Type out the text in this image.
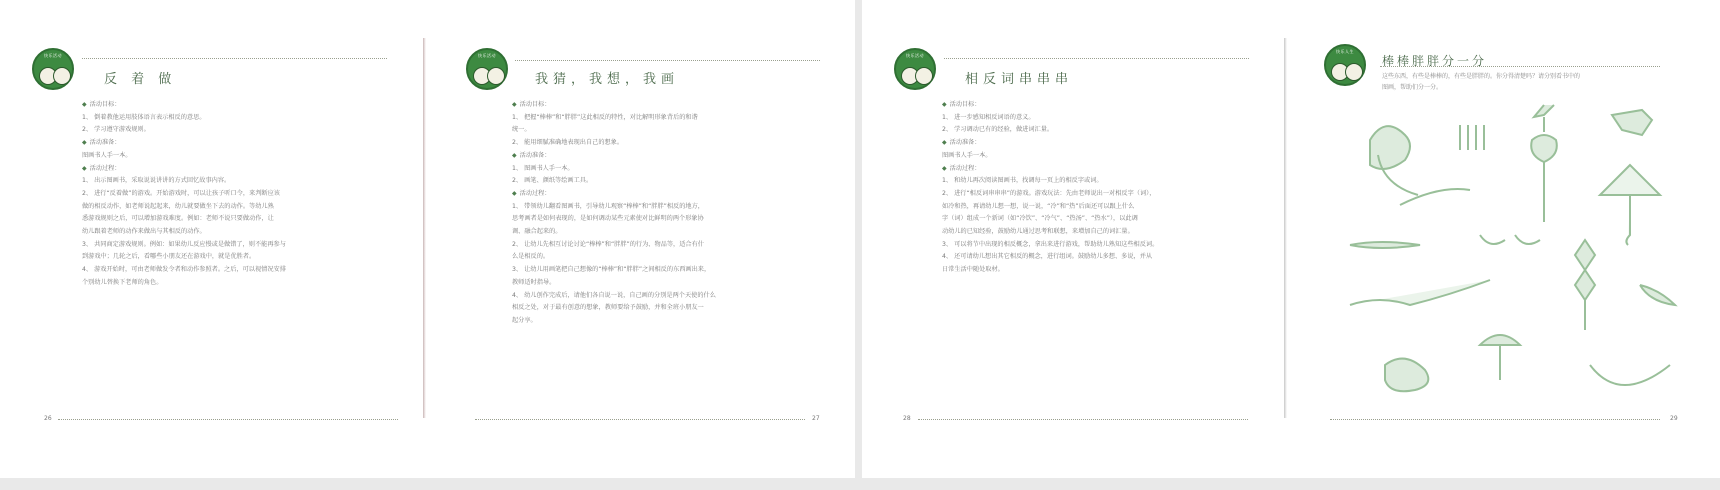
快乐活动
反 着 做
◆ 活动目标：
1、 倒着教他运用肢体语言表示相反的意思。
2、 学习遵守游戏规则。
◆ 活动准备：
图画书人手一本。
◆ 活动过程：
1、 出示图画书，采取说说讲讲的方式回忆故事内容。
2、 进行“反着做”的游戏。开始游戏时，可以让孩子听口令，来判断应该
做的相反动作，如老师说起起来，幼儿就要做坐下去的动作。等幼儿熟
悉游戏规则之后，可以增加游戏难度。例如：老师不说只要做动作，让
幼儿跟着老师的动作来做出与其相反的动作。
3、 共同商定游戏规则。例如：如果幼儿反应慢或是做错了，则不能再参与
到游戏中；几轮之后，看哪些小朋友还在游戏中，就是优胜者。
4、 游戏开始时，可由老师做发令者和动作参照者。之后，可以视情况安排
个别幼儿替换下老师的角色。
26
快乐活动
我猜，我想，我画
◆ 活动目标：
1、 把握“棒棒”和“胖胖”这此相反的特性，对比解明形象背后的和谐
统一。
2、 能用细腻准确地表现出自己的想象。
◆ 活动准备：
1、 图画书人手一本。
2、 画笔、颜纸等绘画工具。
◆ 活动过程：
1、 带领幼儿翻看图画书，引导幼儿观察“棒棒”和“胖胖”相反的地方，
思考画者是如何表现的，是如何调动某些元素使对比鲜明的两个形象协
调、融合起来的。
2、 让幼儿先相互讨论讨论“棒棒”和“胖胖”的行为、物品等，适合有什
么是相反的。
3、 让幼儿用画笔把自己想像的“棒棒”和“胖胖”之间相反的东西画出来，
教师适时指导。
4、 幼儿创作完成后，请他们各自说一说，自己画的分别是两个天使的什么
相反之处，对于最有创意的想象，教师要给予鼓励，并和全班小朋友一
起分享。
27
快乐活动
相反词串串串
◆ 活动目标：
1、 进一步感知相反词语的意义。
2、 学习调动已有的经验，做进词汇量。
◆ 活动准备：
图画书人手一本。
◆ 活动过程：
1、 和幼儿再次阅读图画书，找调每一页上的相反字或词。
2、 进行“相反词串串串”的游戏。游戏玩法：先由老师说出一对相反字（词），
如冷和热，再请幼儿想一想，说一说，“冷”和“热”后面还可以跟上什么
字（词）组成一个新词（如“冷饮”、“冷气”、“热汤”、“热水”），以此调
动幼儿的已知经验，鼓励幼儿通过思考和联想，来增加自己的词汇量。
3、 可以将节中出现的相反概念，拿出来进行游戏，帮助幼儿熟知这些相反词。
4、 还可请幼儿想出其它相反的概念，进行组词。鼓励幼儿多想、多说，并从
日常生活中随处取材。
28
快乐人生
棒棒胖胖分一分
这些东西，有些是棒棒的，有些是胖胖的。你分得清楚吗？请分别看书中的
图画，帮助们分一分。
29
